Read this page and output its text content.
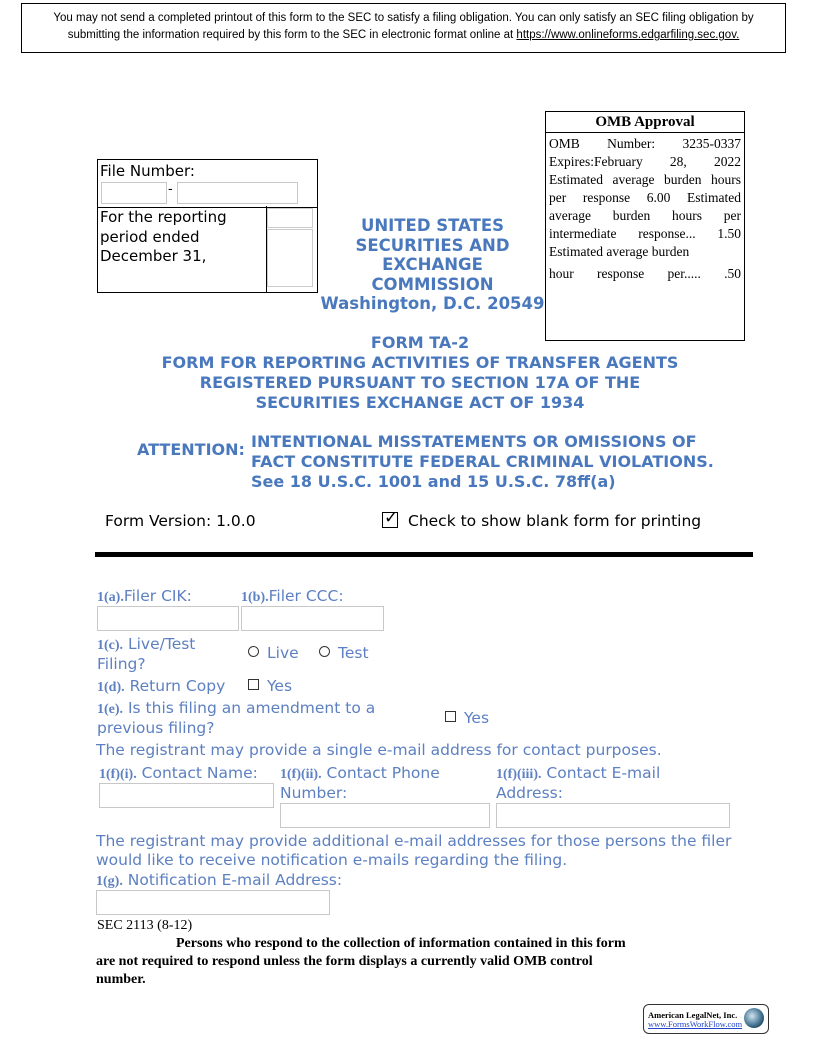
You may not send a completed printout of this form to the SEC to satisfy a filing obligation. You can only satisfy an SEC filing obligation by
submitting the information required by this form to the SEC in electronic format online at https://www.onlineforms.edgarfiling.sec.gov.
OMB Approval
OMB Number: 3235-0337
Expires:February 28, 2022
Estimated average burden hours per response 6.00 Estimated average burden hours per intermediate response... 1.50 Estimated average burden
hour response per..... .50
File Number:
-
For the reporting period ended December 31,
UNITED STATES
SECURITIES AND
EXCHANGE
COMMISSION
Washington, D.C. 20549
FORM TA-2
FORM FOR REPORTING ACTIVITIES OF TRANSFER AGENTS
REGISTERED PURSUANT TO SECTION 17A OF THE
SECURITIES EXCHANGE ACT OF 1934
ATTENTION: INTENTIONAL MISSTATEMENTS OR OMISSIONS OF
FACT CONSTITUTE FEDERAL CRIMINAL VIOLATIONS.
See 18 U.S.C. 1001 and 15 U.S.C. 78ff(a)
Form Version: 1.0.0	✓ Check to show blank form for printing
1(a).Filer CIK:	1(b).Filer CCC:
1(c). Live/Test Filing?
Live	Test
1(d). Return Copy	Yes
1(e). Is this filing an amendment to a previous filing?
Yes
The registrant may provide a single e-mail address for contact purposes.
1(f)(i). Contact Name: 1(f)(ii). Contact Phone Number:
1(f)(iii). Contact E-mail Address:
The registrant may provide additional e-mail addresses for those persons the filer would like to receive notification e-mails regarding the filing.
1(g). Notification E-mail Address:
SEC 2113 (8-12)
Persons who respond to the collection of information contained in this form
are not required to respond unless the form displays a currently valid OMB control
number.
American LegalNet, Inc.
www.FormsWorkFlow.com
